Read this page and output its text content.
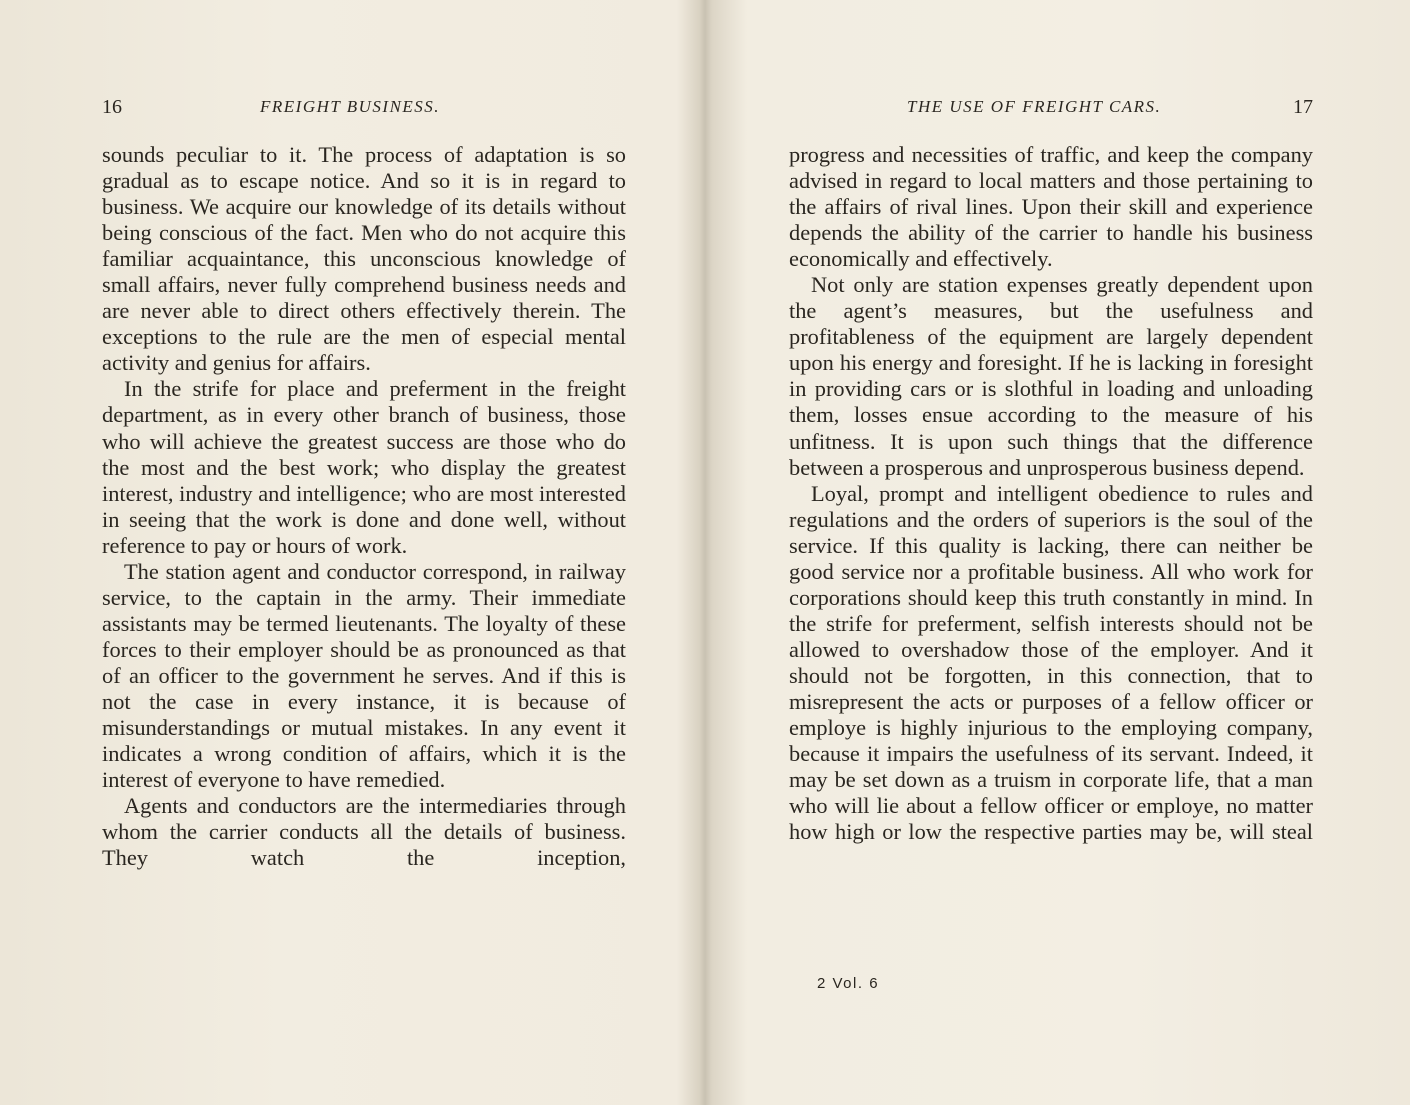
16	FREIGHT BUSINESS.

sounds peculiar to it. The process of adaptation is so gradual as to escape notice. And so it is in regard to business. We acquire our knowledge of its details without being conscious of the fact. Men who do not acquire this familiar acquaintance, this unconscious knowledge of small affairs, never fully comprehend business needs and are never able to direct others effectively therein. The exceptions to the rule are the men of especial mental activity and genius for affairs.

In the strife for place and preferment in the freight department, as in every other branch of business, those who will achieve the greatest success are those who do the most and the best work; who display the greatest interest, industry and intelligence; who are most interested in seeing that the work is done and done well, without reference to pay or hours of work.

The station agent and conductor correspond, in railway service, to the captain in the army. Their immediate assistants may be termed lieutenants. The loyalty of these forces to their employer should be as pronounced as that of an officer to the government he serves. And if this is not the case in every instance, it is because of misunderstandings or mutual mistakes. In any event it indicates a wrong condition of affairs, which it is the interest of everyone to have remedied.

Agents and conductors are the intermediaries through whom the carrier conducts all the details of business. They watch the inception,

THE USE OF FREIGHT CARS.	17

progress and necessities of traffic, and keep the company advised in regard to local matters and those pertaining to the affairs of rival lines. Upon their skill and experience depends the ability of the carrier to handle his business economically and effectively.

Not only are station expenses greatly dependent upon the agent’s measures, but the usefulness and profitableness of the equipment are largely dependent upon his energy and foresight. If he is lacking in foresight in providing cars or is slothful in loading and unloading them, losses ensue according to the measure of his unfitness. It is upon such things that the difference between a prosperous and unprosperous business depend.

Loyal, prompt and intelligent obedience to rules and regulations and the orders of superiors is the soul of the service. If this quality is lacking, there can neither be good service nor a profitable business. All who work for corporations should keep this truth constantly in mind. In the strife for preferment, selfish interests should not be allowed to overshadow those of the employer. And it should not be forgotten, in this connection, that to misrepresent the acts or purposes of a fellow officer or employe is highly injurious to the employing company, because it impairs the usefulness of its servant. Indeed, it may be set down as a truism in corporate life, that a man who will lie about a fellow officer or employe, no matter how high or low the respective parties may be, will steal

2 Vol. 6
